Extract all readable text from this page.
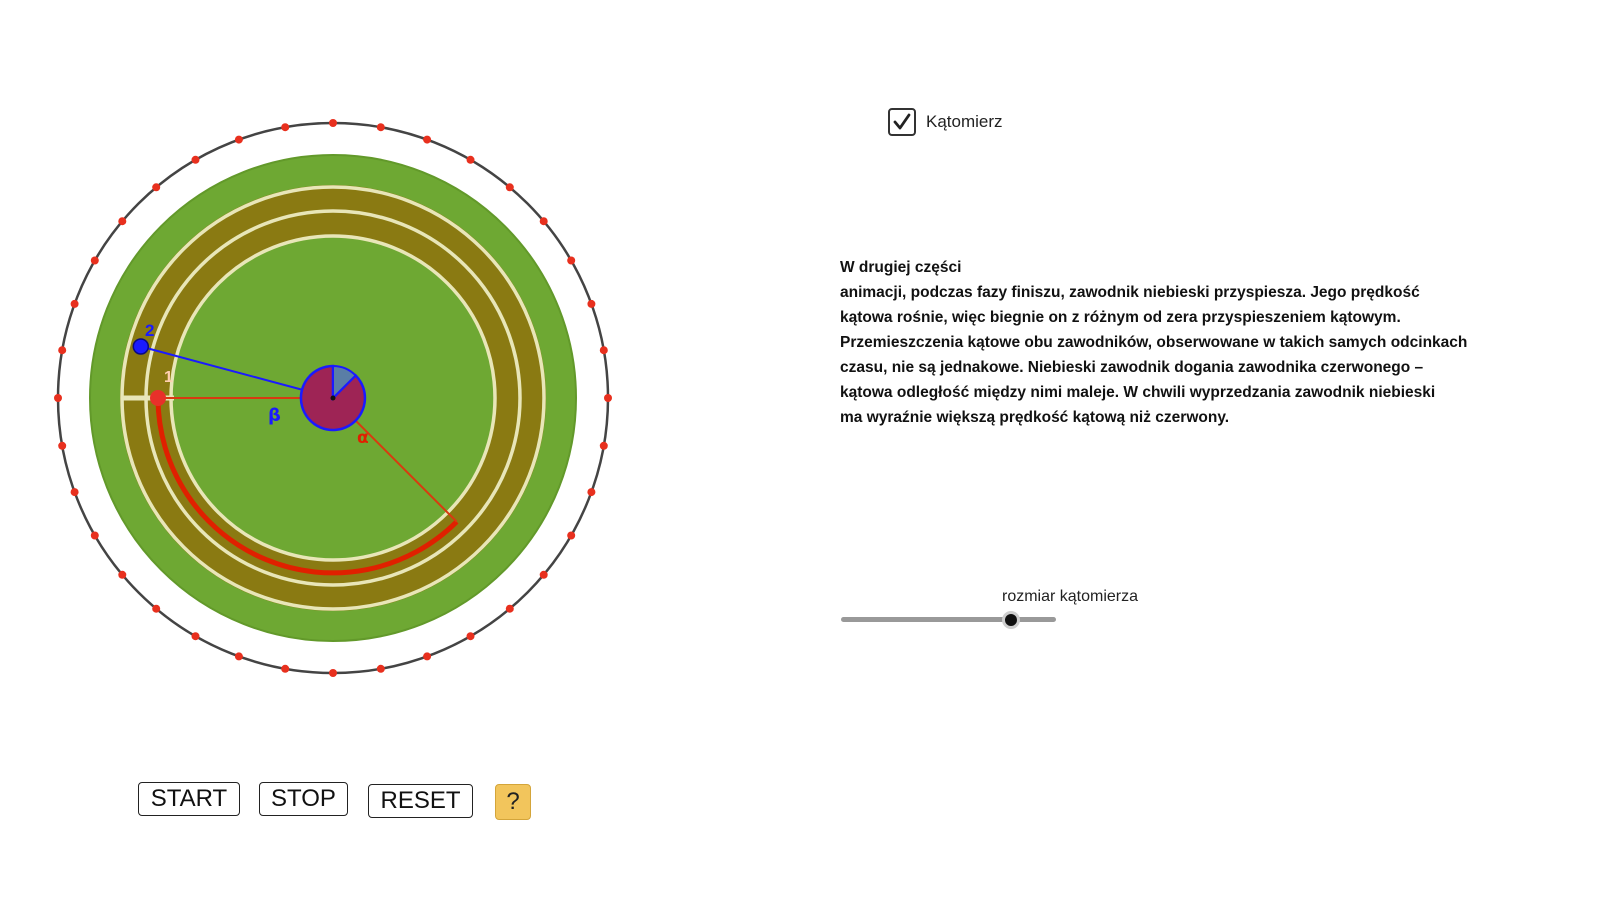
2
1
β
α
Kątomierz
W drugiej części
animacji, podczas fazy finiszu, zawodnik niebieski przyspiesza. Jego prędkość
kątowa rośnie, więc biegnie on z różnym od zera przyspieszeniem kątowym.
Przemieszczenia kątowe obu zawodników, obserwowane w takich samych odcinkach
czasu, nie są jednakowe. Niebieski zawodnik dogania zawodnika czerwonego –
kątowa odległość między nimi maleje. W chwili wyprzedzania zawodnik niebieski
ma wyraźnie większą prędkość kątową niż czerwony.
rozmiar kątomierza
START	STOP	RESET	?
